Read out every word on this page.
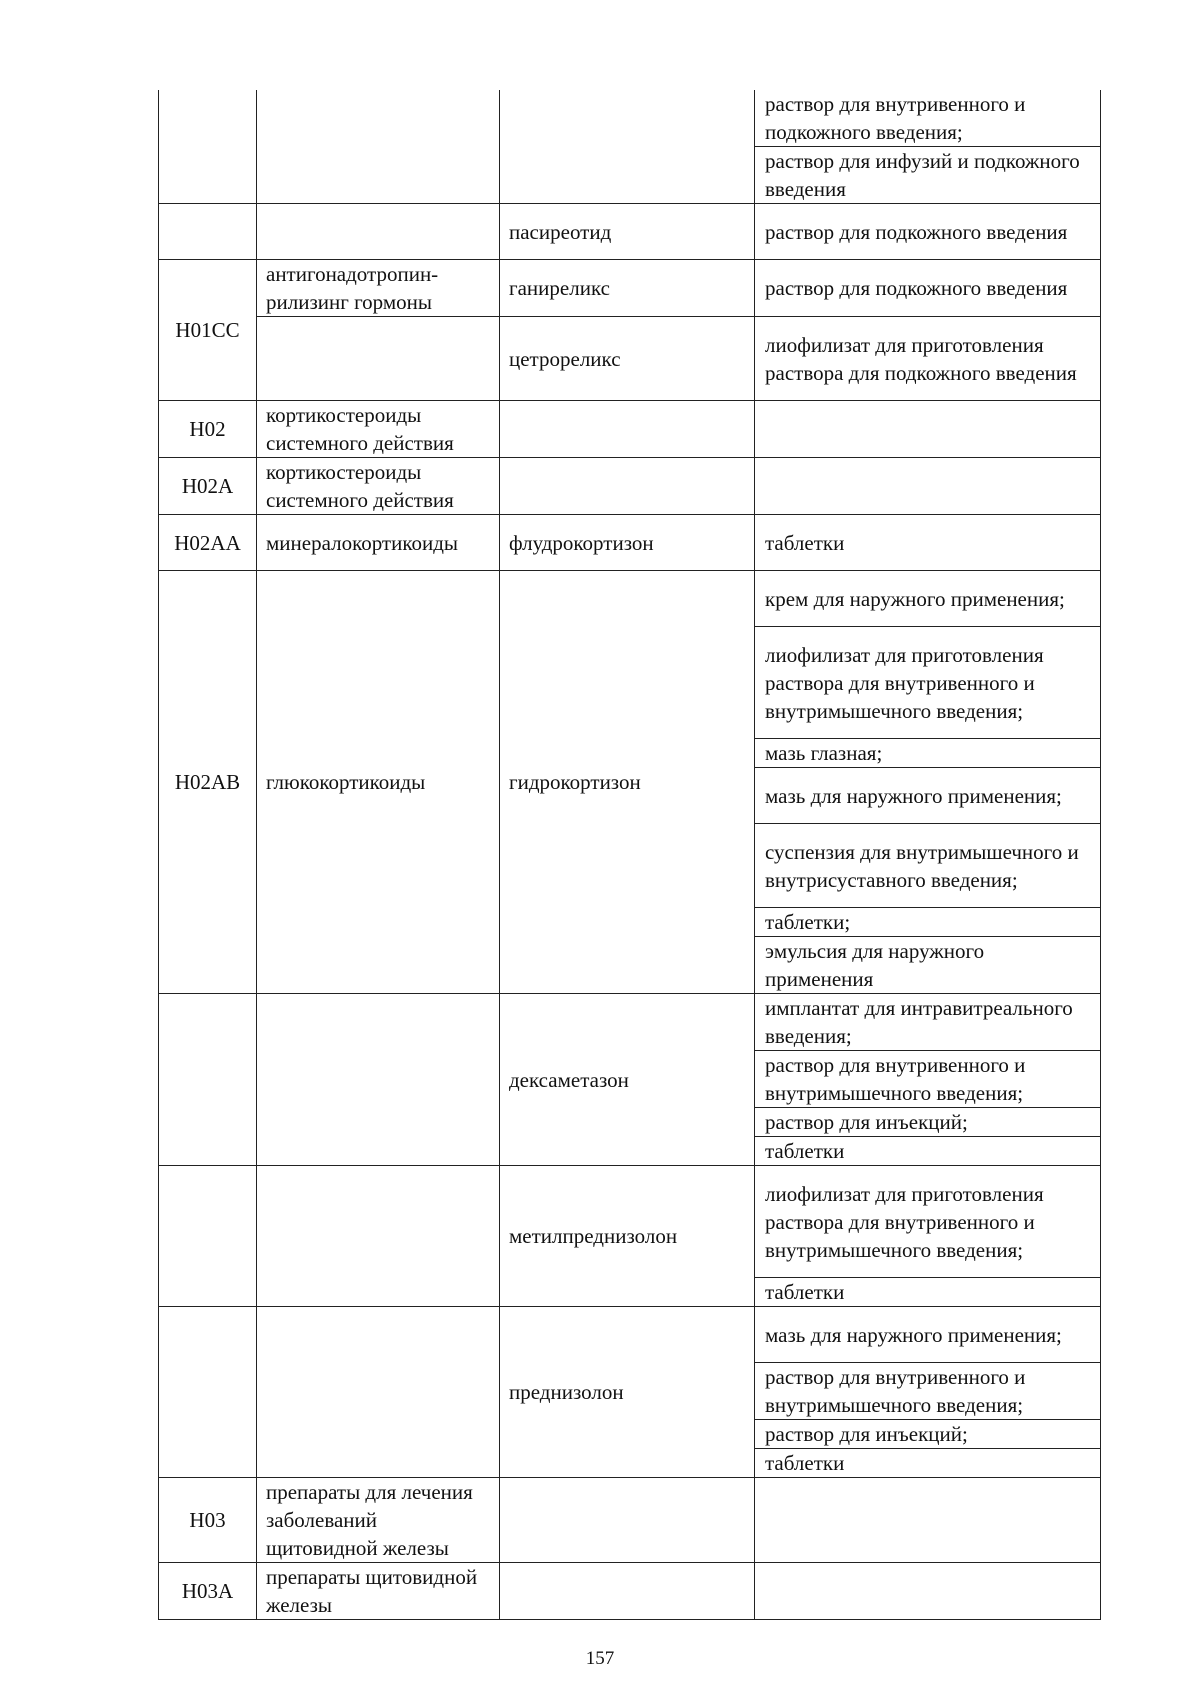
			раствор для внутривенного и подкожного введения;
			раствор для инфузий и подкожного введения
		пасиреотид	раствор для подкожного введения
H01CC	антигонадотропин-рилизинг гормоны	ганиреликс	раствор для подкожного введения
		цетрореликс	лиофилизат для приготовления раствора для подкожного введения
H02	кортикостероиды системного действия		
H02A	кортикостероиды системного действия		
H02AA	минералокортикоиды	флудрокортизон	таблетки
H02AB	глюкокортикоиды	гидрокортизон	крем для наружного применения;
			лиофилизат для приготовления раствора для внутривенного и внутримышечного введения;
			мазь глазная;
			мазь для наружного применения;
			суспензия для внутримышечного и внутрисуставного введения;
			таблетки;
			эмульсия для наружного применения
		дексаметазон	имплантат для интравитреального введения;
			раствор для внутривенного и внутримышечного введения;
			раствор для инъекций;
			таблетки
		метилпреднизолон	лиофилизат для приготовления раствора для внутривенного и внутримышечного введения;
			таблетки
		преднизолон	мазь для наружного применения;
			раствор для внутривенного и внутримышечного введения;
			раствор для инъекций;
			таблетки
H03	препараты для лечения заболеваний щитовидной железы		
H03A	препараты щитовидной железы		
157
